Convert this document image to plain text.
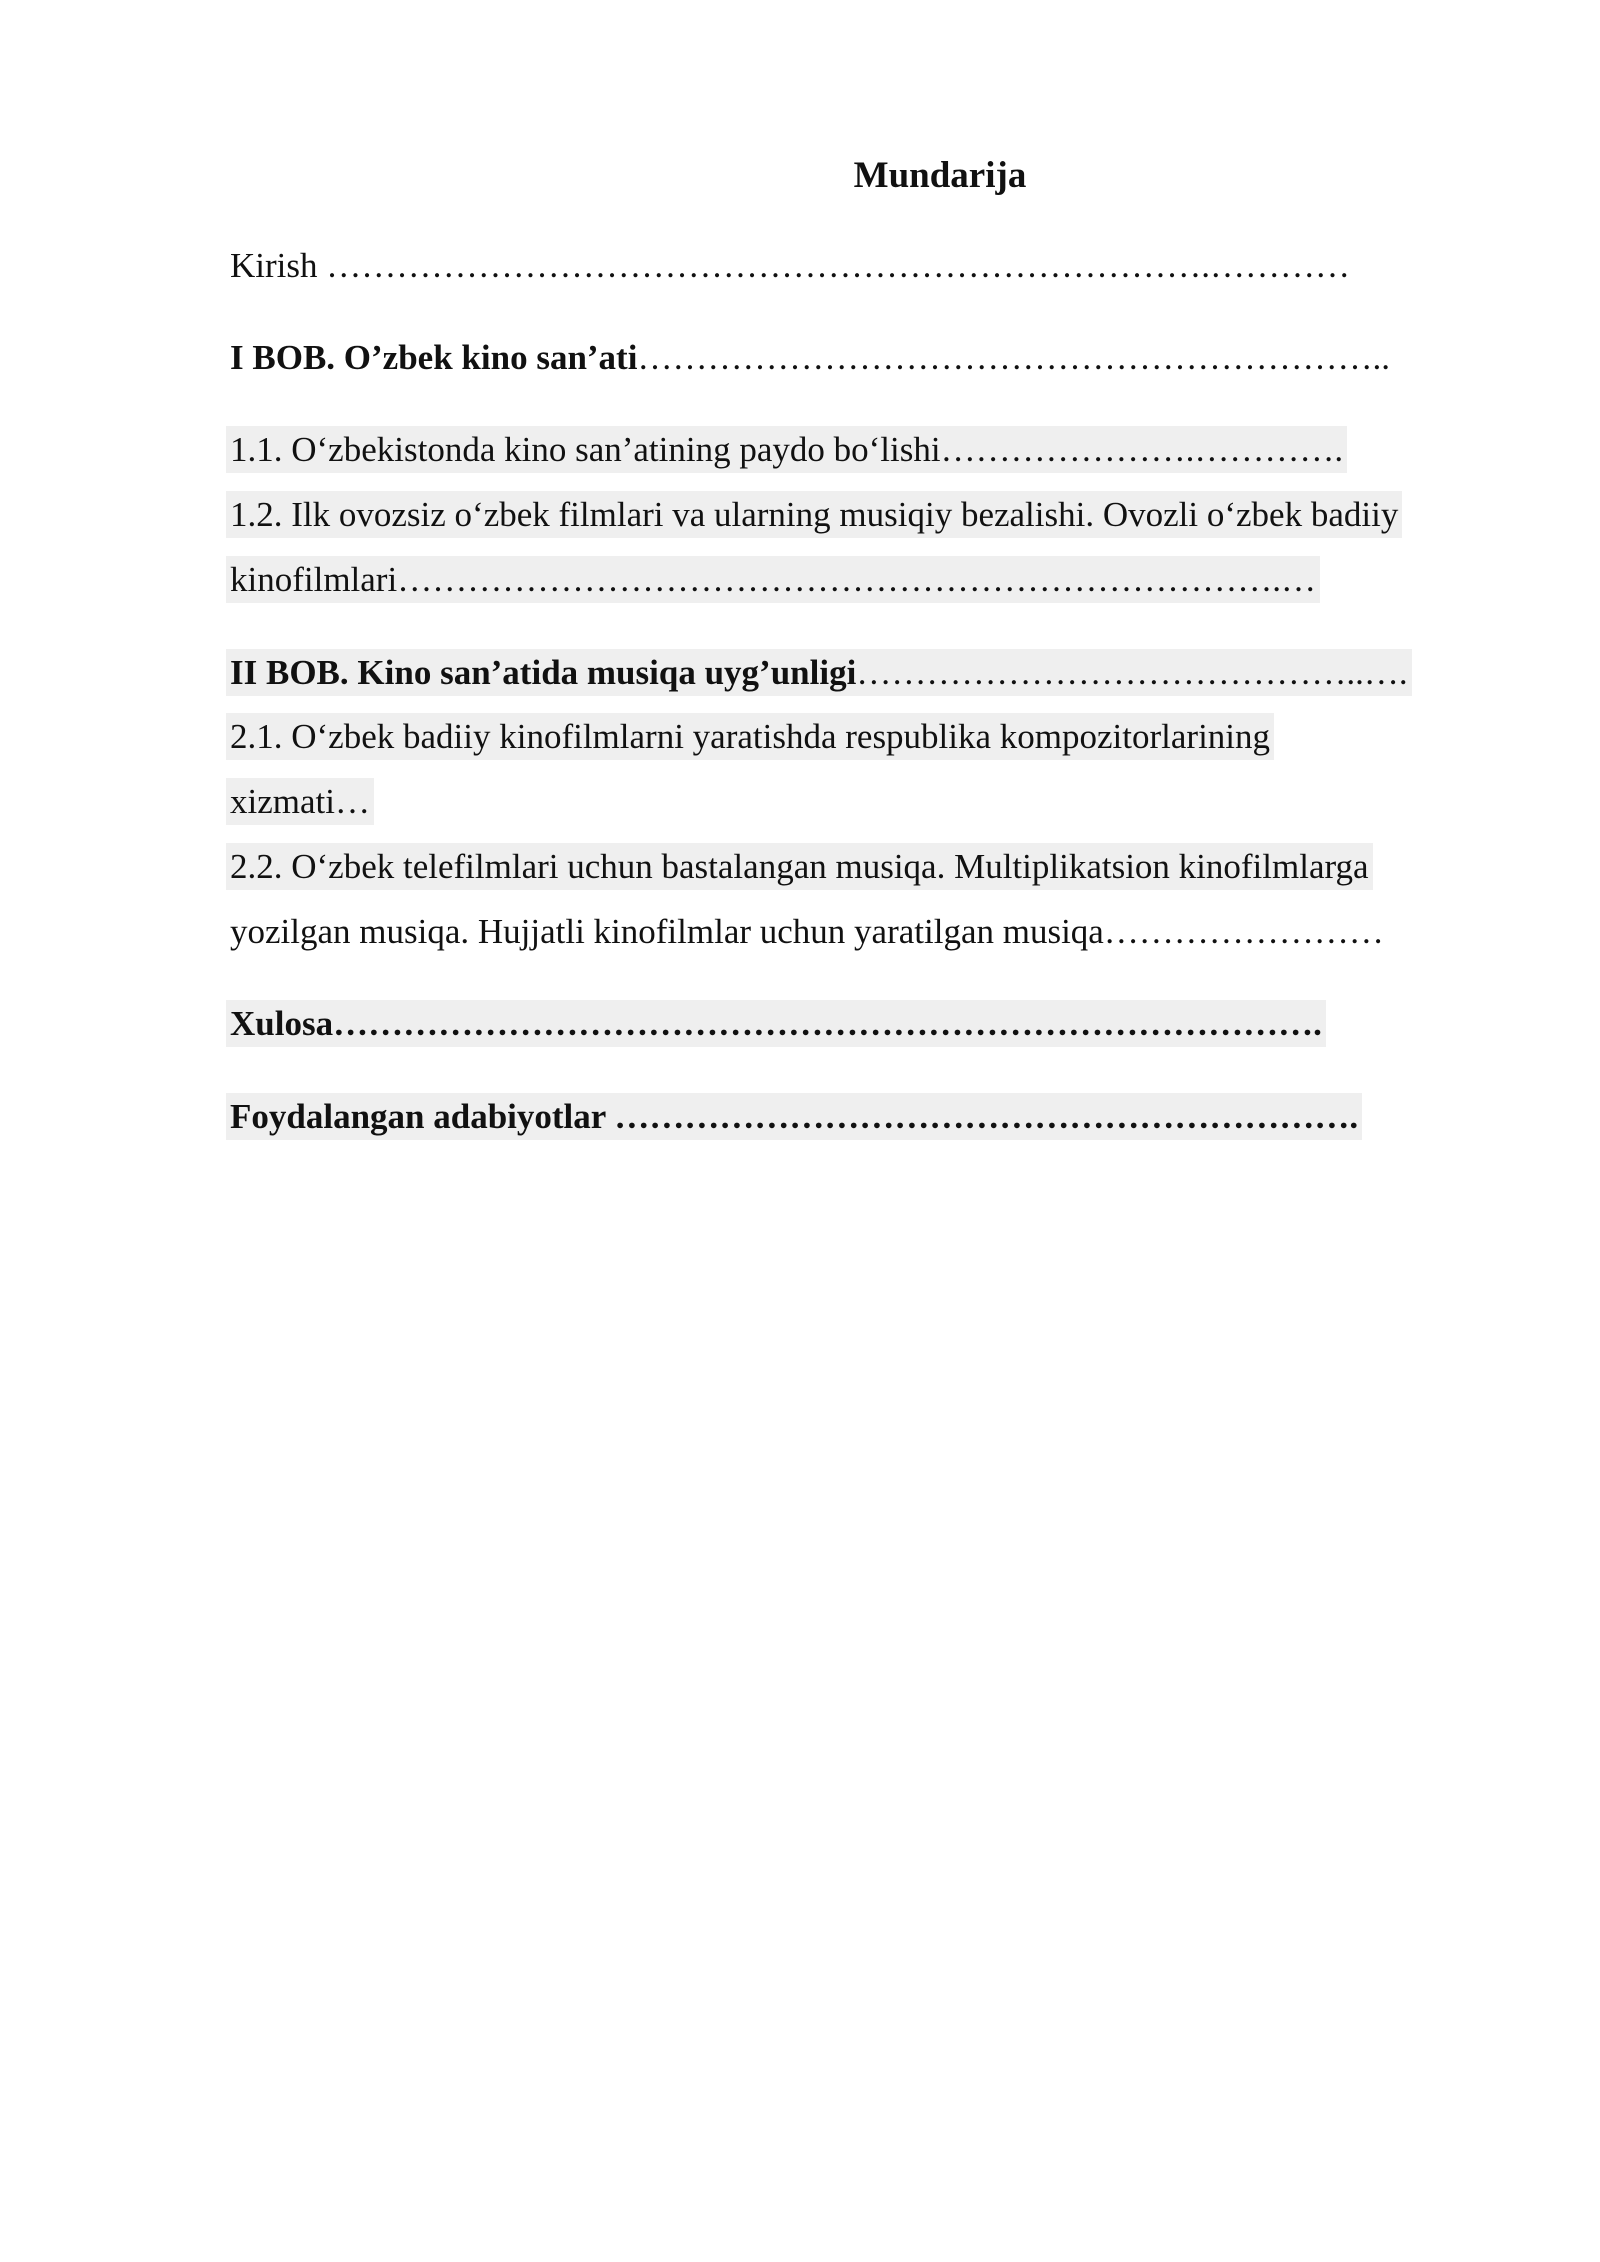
Mundarija

Kirish ………………………………………………………………….…………

I BOB. O’zbek kino san’ati………………………………………………………..

1.1. O‘zbekistonda kino san’atining paydo bo‘lishi………………….………….

1.2. Ilk ovozsiz o‘zbek filmlari va ularning musiqiy bezalishi. Ovozli o‘zbek badiiy

kinofilmlari………………………………………………………………….…

II BOB. Kino san’atida musiqa uyg’unligi……………………………………..….

2.1. O‘zbek badiiy kinofilmlarni yaratishda respublika kompozitorlarining

xizmati…

2.2. O‘zbek telefilmlari uchun bastalangan musiqa. Multiplikatsion kinofilmlarga

yozilgan musiqa. Hujjatli kinofilmlar uchun yaratilgan musiqa……………………

Xulosa………………………………………………………………………….

Foydalangan adabiyotlar ……………………………………………………….
